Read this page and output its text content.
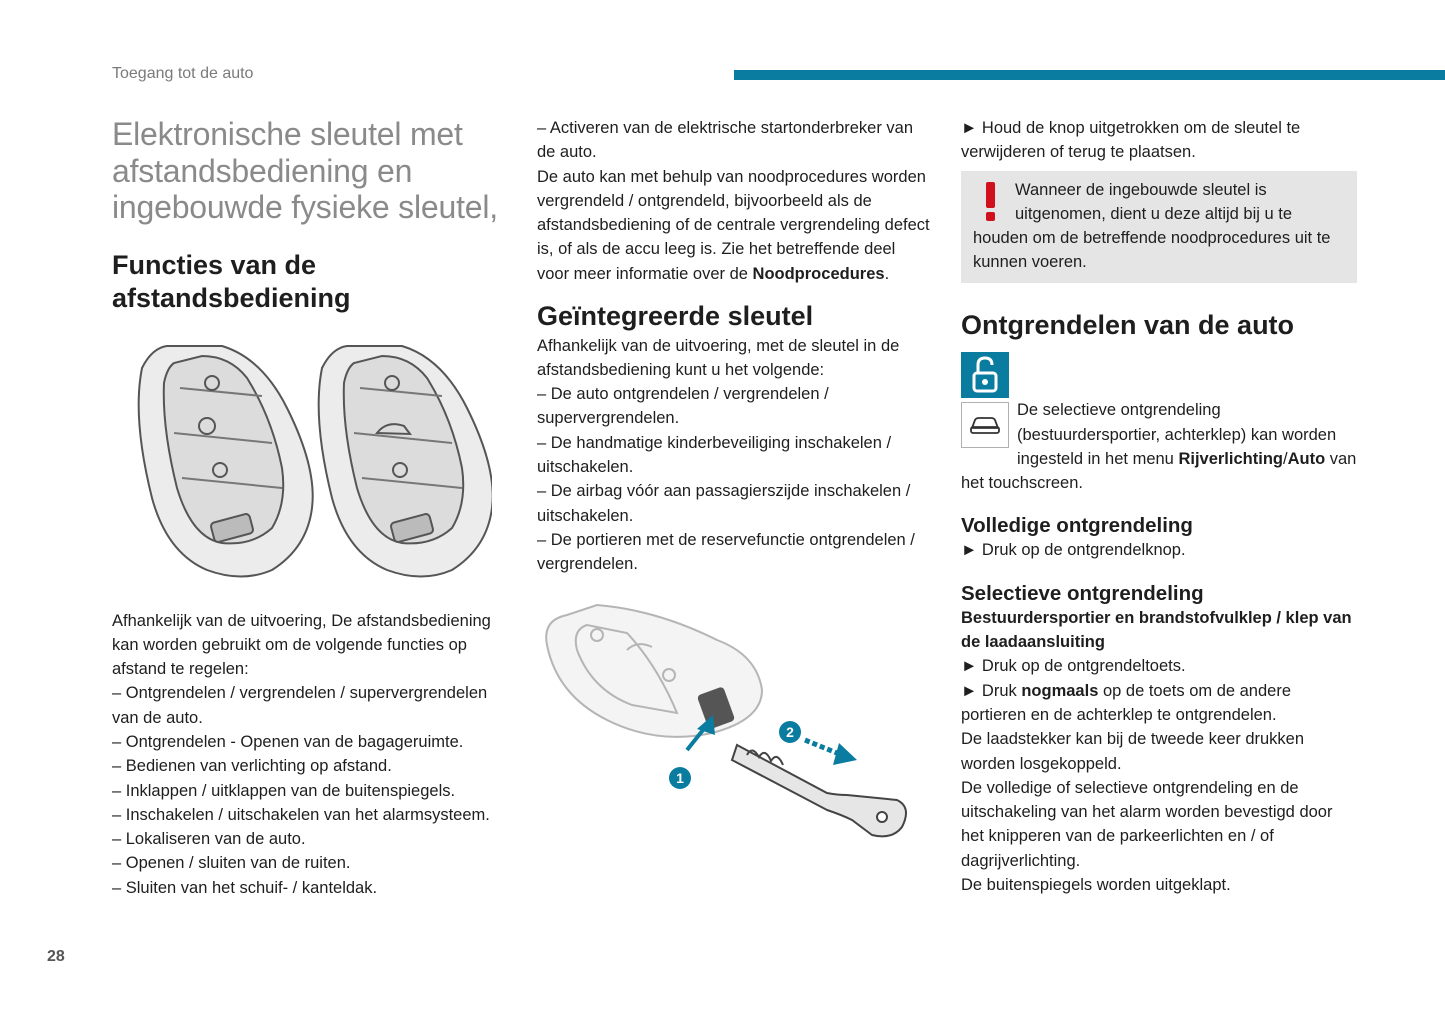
Toegang tot de auto
Elektronische sleutel met afstandsbediening en ingebouwde fysieke sleutel,
Functies van de afstandsbediening

Afhankelijk van de uitvoering, De afstandsbediening kan worden gebruikt om de volgende functies op afstand te regelen:

– Ontgrendelen / vergrendelen / supervergrendelen van de auto.

– Ontgrendelen - Openen van de bagageruimte.

– Bedienen van verlichting op afstand.

– Inklappen / uitklappen van de buitenspiegels.

– Inschakelen / uitschakelen van het alarmsysteem.

– Lokaliseren van de auto.

– Openen / sluiten van de ruiten.

– Sluiten van het schuif- / kanteldak.

– Activeren van de elektrische startonderbreker van de auto.

De auto kan met behulp van noodprocedures worden vergrendeld / ontgrendeld, bijvoorbeeld als de afstandsbediening of de centrale vergrendeling defect is, of als de accu leeg is. Zie het betreffende deel voor meer informatie over de Noodprocedures.

Geïntegreerde sleutel

Afhankelijk van de uitvoering, met de sleutel in de afstandsbediening kunt u het volgende:

– De auto ontgrendelen / vergrendelen / supervergrendelen.

– De handmatige kinderbeveiliging inschakelen / uitschakelen.

– De airbag vóór aan passagierszijde inschakelen / uitschakelen.

– De portieren met de reservefunctie ontgrendelen / vergrendelen.

1
2

► Houd de knop uitgetrokken om de sleutel te verwijderen of terug te plaatsen.

Wanneer de ingebouwde sleutel is uitgenomen, dient u deze altijd bij u te houden om de betreffende noodprocedures uit te kunnen voeren.

Ontgrendelen van de auto

De selectieve ontgrendeling (bestuurdersportier, achterklep) kan worden ingesteld in het menu Rijverlichting/Auto van het touchscreen.

Volledige ontgrendeling

► Druk op de ontgrendelknop.

Selectieve ontgrendeling

Bestuurdersportier en brandstofvulklep / klep van de laadaansluiting

► Druk op de ontgrendeltoets.

► Druk nogmaals op de toets om de andere portieren en de achterklep te ontgrendelen.

De laadstekker kan bij de tweede keer drukken worden losgekoppeld.

De volledige of selectieve ontgrendeling en de uitschakeling van het alarm worden bevestigd door het knipperen van de parkeerlichten en / of dagrijverlichting.

De buitenspiegels worden uitgeklapt.

28
